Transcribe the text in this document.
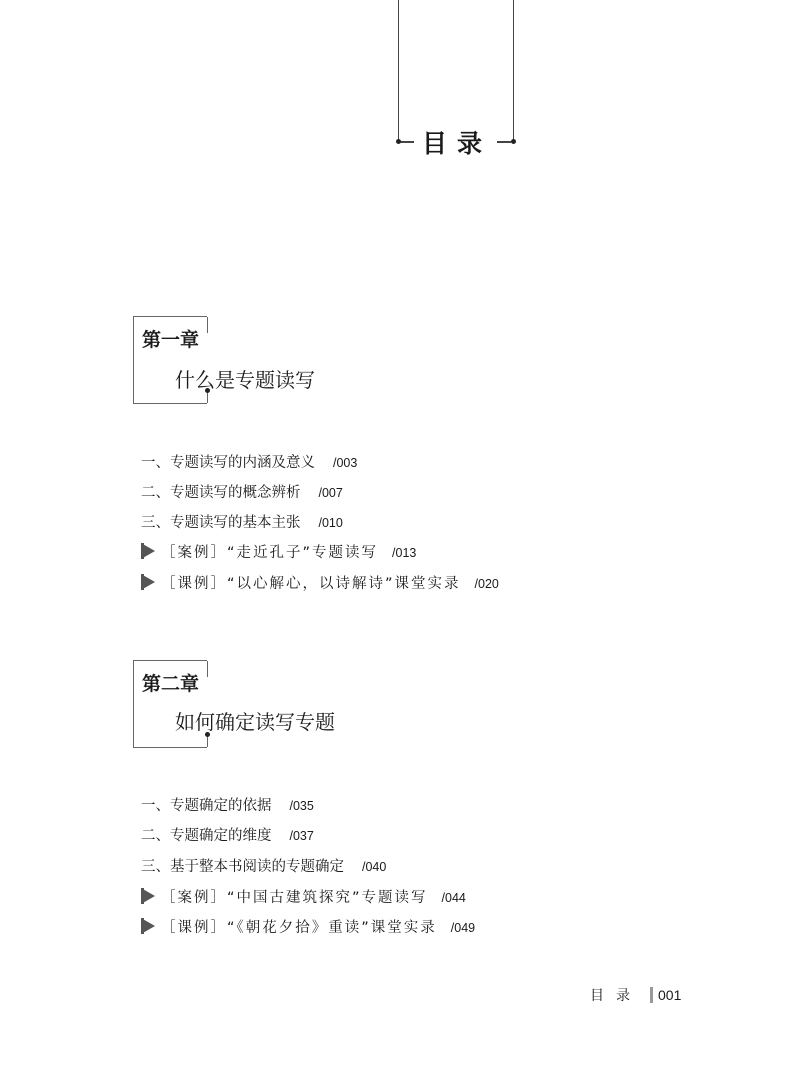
目录
第一章
什么是专题读写
一、专题读写的内涵及意义 /003
二、专题读写的概念辨析 /007
三、专题读写的基本主张 /010
［案例］“走近孔子”专题读写 /013
［课例］“以心解心，以诗解诗”课堂实录 /020
第二章
如何确定读写专题
一、专题确定的依据 /035
二、专题确定的维度 /037
三、基于整本书阅读的专题确定 /040
［案例］“中国古建筑探究”专题读写 /044
［课例］“《朝花夕拾》重读”课堂实录 /049
目录 001
